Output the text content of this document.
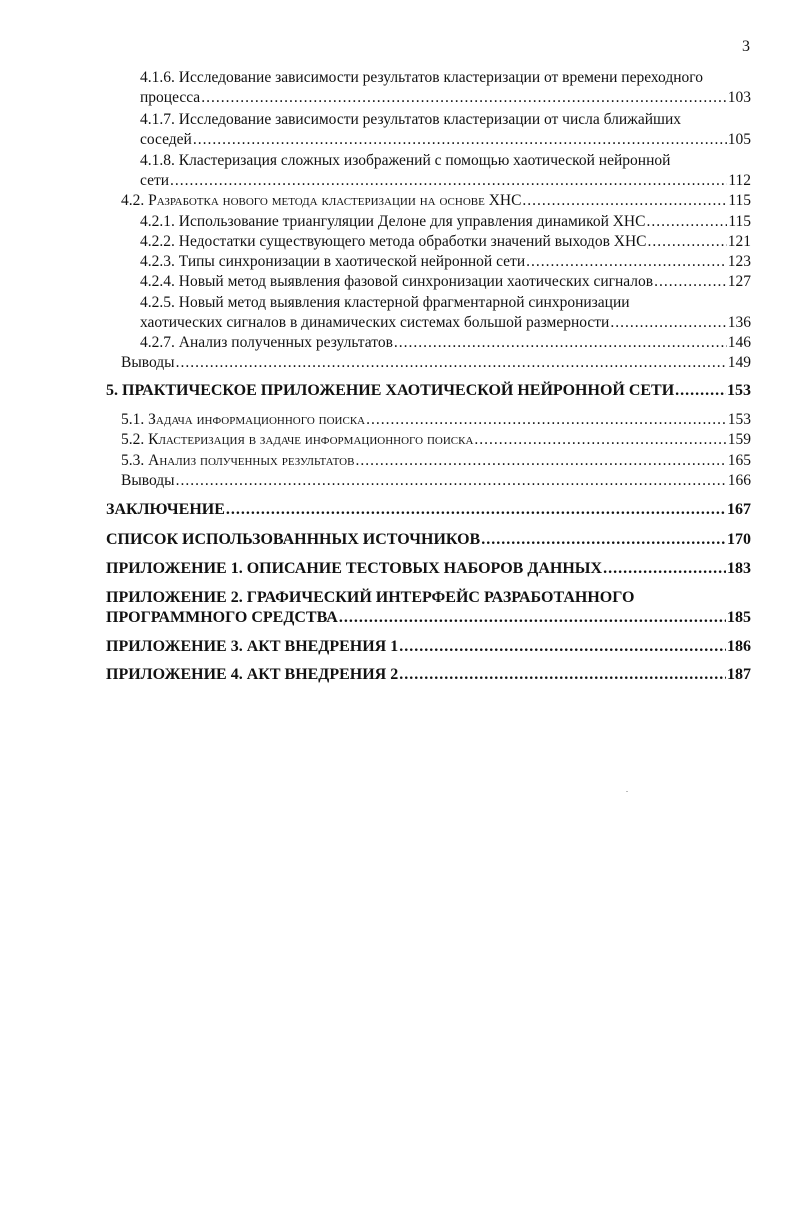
3
4.1.6. Исследование зависимости результатов кластеризации от времени переходного
процесса .....	103
4.1.7. Исследование зависимости результатов кластеризации от числа ближайших
соседей .....	105
4.1.8. Кластеризация сложных изображений с помощью хаотической нейронной
сети .....	112
4.2. Разработка нового метода кластеризации на основе ХНС .....	115
4.2.1. Использование триангуляции Делоне для управления динамикой ХНС .....	115
4.2.2. Недостатки существующего метода обработки значений выходов ХНС .....	121
4.2.3. Типы синхронизации в хаотической нейронной сети .....	123
4.2.4. Новый метод выявления фазовой синхронизации хаотических сигналов .....	127
4.2.5. Новый метод выявления кластерной фрагментарной синхронизации
хаотических сигналов в динамических системах большой размерности .....	136
4.2.7. Анализ полученных результатов .....	146
Выводы .....	149
5. ПРАКТИЧЕСКОЕ ПРИЛОЖЕНИЕ ХАОТИЧЕСКОЙ НЕЙРОННОЙ СЕТИ .....	153
5.1. Задача информационного поиска .....	153
5.2. Кластеризация в задаче информационного поиска .....	159
5.3. Анализ полученных результатов .....	165
Выводы .....	166
ЗАКЛЮЧЕНИЕ .....	167
СПИСОК ИСПОЛЬЗОВАНННЫХ ИСТОЧНИКОВ .....	170
ПРИЛОЖЕНИЕ 1. ОПИСАНИЕ ТЕСТОВЫХ НАБОРОВ ДАННЫХ .....	183
ПРИЛОЖЕНИЕ 2. ГРАФИЧЕСКИЙ ИНТЕРФЕЙС РАЗРАБОТАННОГО
ПРОГРАММНОГО СРЕДСТВА .....	185
ПРИЛОЖЕНИЕ 3. АКТ ВНЕДРЕНИЯ 1 .....	186
ПРИЛОЖЕНИЕ 4. АКТ ВНЕДРЕНИЯ 2 .....	187
